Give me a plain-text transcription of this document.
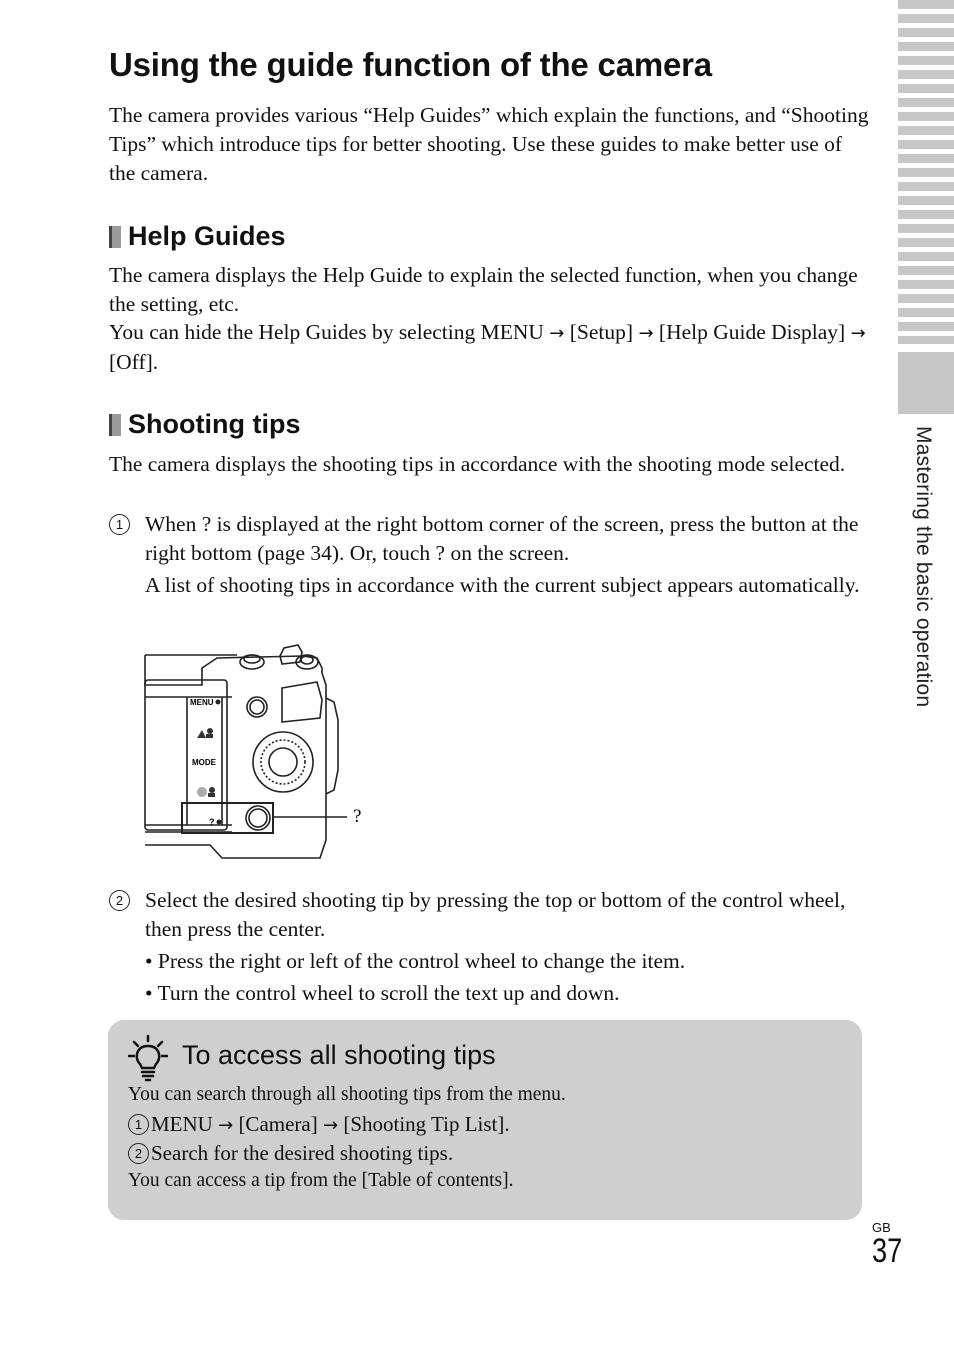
Mastering the basic operation
Using the guide function of the camera

The camera provides various “Help Guides” which explain the functions, and “Shooting Tips” which introduce tips for better shooting. Use these guides to make better use of the camera.

Help Guides

The camera displays the Help Guide to explain the selected function, when you change the setting, etc.

You can hide the Help Guides by selecting MENU → [Setup] → [Help Guide Display] → [Off].

Shooting tips

The camera displays the shooting tips in accordance with the shooting mode selected.

1	When ? is displayed at the right bottom corner of the screen, press the button at the right bottom (page 34). Or, touch ? on the screen.
A list of shooting tips in accordance with the current subject appears automatically.
MENU
MODE
?	?
2	Select the desired shooting tip by pressing the top or bottom of the control wheel, then press the center.
• Press the right or left of the control wheel to change the item.
• Turn the control wheel to scroll the text up and down.
To access all shooting tips
You can search through all shooting tips from the menu.
1 MENU → [Camera] → [Shooting Tip List].
2 Search for the desired shooting tips.
You can access a tip from the [Table of contents].
GB
37
